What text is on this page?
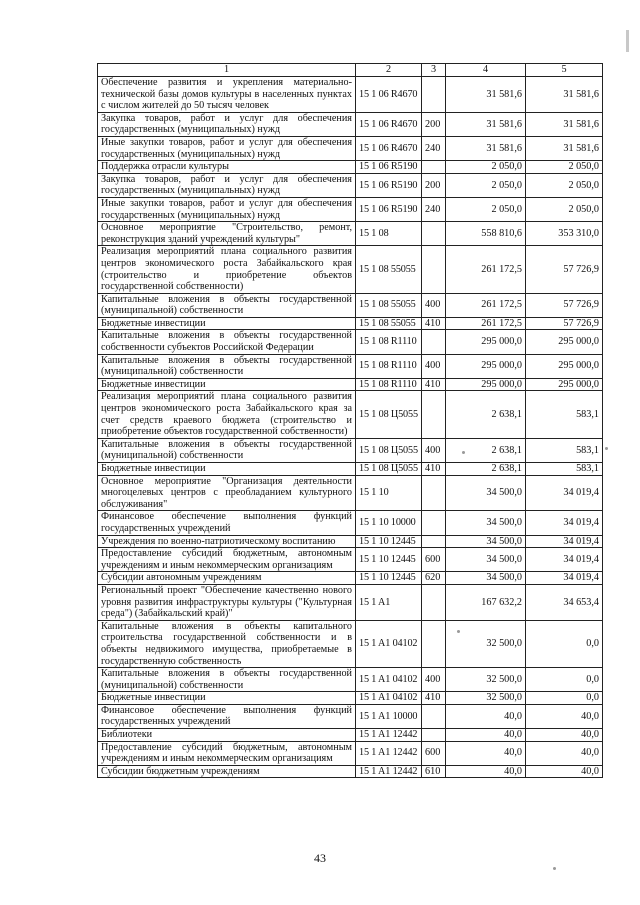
1	2	3	4	5
Обеспечение развития и укрепления материально-технической базы домов культуры в населенных пунктах с числом жителей до 50 тысяч человек	15 1 06 R4670		31 581,6	31 581,6
Закупка товаров, работ и услуг для обеспечения государственных (муниципальных) нужд	15 1 06 R4670	200	31 581,6	31 581,6
Иные закупки товаров, работ и услуг для обеспечения государственных (муниципальных) нужд	15 1 06 R4670	240	31 581,6	31 581,6
Поддержка отрасли культуры	15 1 06 R5190		2 050,0	2 050,0
Закупка товаров, работ и услуг для обеспечения государственных (муниципальных) нужд	15 1 06 R5190	200	2 050,0	2 050,0
Иные закупки товаров, работ и услуг для обеспечения государственных (муниципальных) нужд	15 1 06 R5190	240	2 050,0	2 050,0
Основное мероприятие "Строительство, ремонт, реконструкция зданий учреждений культуры"	15 1 08		558 810,6	353 310,0
Реализация мероприятий плана социального развития центров экономического роста Забайкальского края (строительство и приобретение объектов государственной собственности)	15 1 08 55055		261 172,5	57 726,9
Капитальные вложения в объекты государственной (муниципальной) собственности	15 1 08 55055	400	261 172,5	57 726,9
Бюджетные инвестиции	15 1 08 55055	410	261 172,5	57 726,9
Капитальные вложения в объекты государственной собственности субъектов Российской Федерации	15 1 08 R1110		295 000,0	295 000,0
Капитальные вложения в объекты государственной (муниципальной) собственности	15 1 08 R1110	400	295 000,0	295 000,0
Бюджетные инвестиции	15 1 08 R1110	410	295 000,0	295 000,0
Реализация мероприятий плана социального развития центров экономического роста Забайкальского края за счет средств краевого бюджета (строительство и приобретение объектов государственной собственности)	15 1 08 Ц5055		2 638,1	583,1
Капитальные вложения в объекты государственной (муниципальной) собственности	15 1 08 Ц5055	400	2 638,1	583,1
Бюджетные инвестиции	15 1 08 Ц5055	410	2 638,1	583,1
Основное мероприятие "Организация деятельности многоцелевых центров с преобладанием культурного обслуживания"	15 1 10		34 500,0	34 019,4
Финансовое обеспечение выполнения функций государственных учреждений	15 1 10 10000		34 500,0	34 019,4
Учреждения по военно-патриотическому воспитанию	15 1 10 12445		34 500,0	34 019,4
Предоставление субсидий бюджетным, автономным учреждениям и иным некоммерческим организациям	15 1 10 12445	600	34 500,0	34 019,4
Субсидии автономным учреждениям	15 1 10 12445	620	34 500,0	34 019,4
Региональный проект "Обеспечение качественно нового уровня развития инфраструктуры культуры ("Культурная среда") (Забайкальский край)"	15 1 A1		167 632,2	34 653,4
Капитальные вложения в объекты капитального строительства государственной собственности и в объекты недвижимого имущества, приобретаемые в государственную собственность	15 1 A1 04102		32 500,0	0,0
Капитальные вложения в объекты государственной (муниципальной) собственности	15 1 A1 04102	400	32 500,0	0,0
Бюджетные инвестиции	15 1 A1 04102	410	32 500,0	0,0
Финансовое обеспечение выполнения функций государственных учреждений	15 1 A1 10000		40,0	40,0
Библиотеки	15 1 A1 12442		40,0	40,0
Предоставление субсидий бюджетным, автономным учреждениям и иным некоммерческим организациям	15 1 A1 12442	600	40,0	40,0
Субсидии бюджетным учреждениям	15 1 A1 12442	610	40,0	40,0
43
